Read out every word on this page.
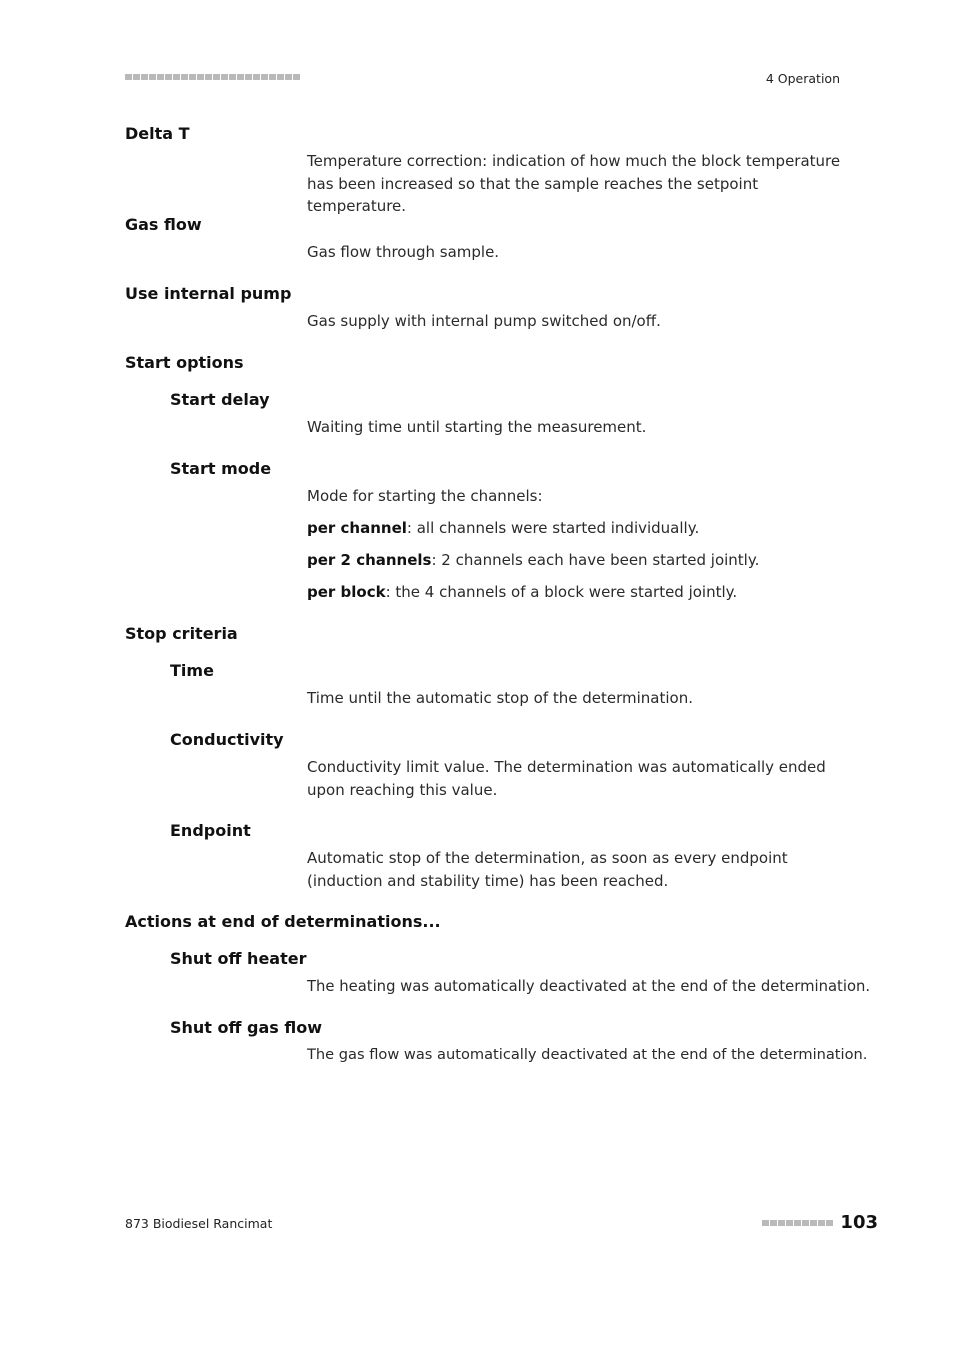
4 Operation
Delta T

Temperature correction: indication of how much the block temperature has been increased so that the sample reaches the setpoint temperature.

Gas flow

Gas flow through sample.

Use internal pump

Gas supply with internal pump switched on/off.

Start options
Start delay

Waiting time until starting the measurement.

Start mode

Mode for starting the channels:

per channel: all channels were started individually.

per 2 channels: 2 channels each have been started jointly.

per block: the 4 channels of a block were started jointly.

Stop criteria
Time

Time until the automatic stop of the determination.

Conductivity

Conductivity limit value. The determination was automatically ended upon reaching this value.

Endpoint

Automatic stop of the determination, as soon as every endpoint (induction and stability time) has been reached.

Actions at end of determinations...
Shut off heater

The heating was automatically deactivated at the end of the determination.

Shut off gas flow

The gas flow was automatically deactivated at the end of the determination.

873 Biodiesel Rancimat	103
